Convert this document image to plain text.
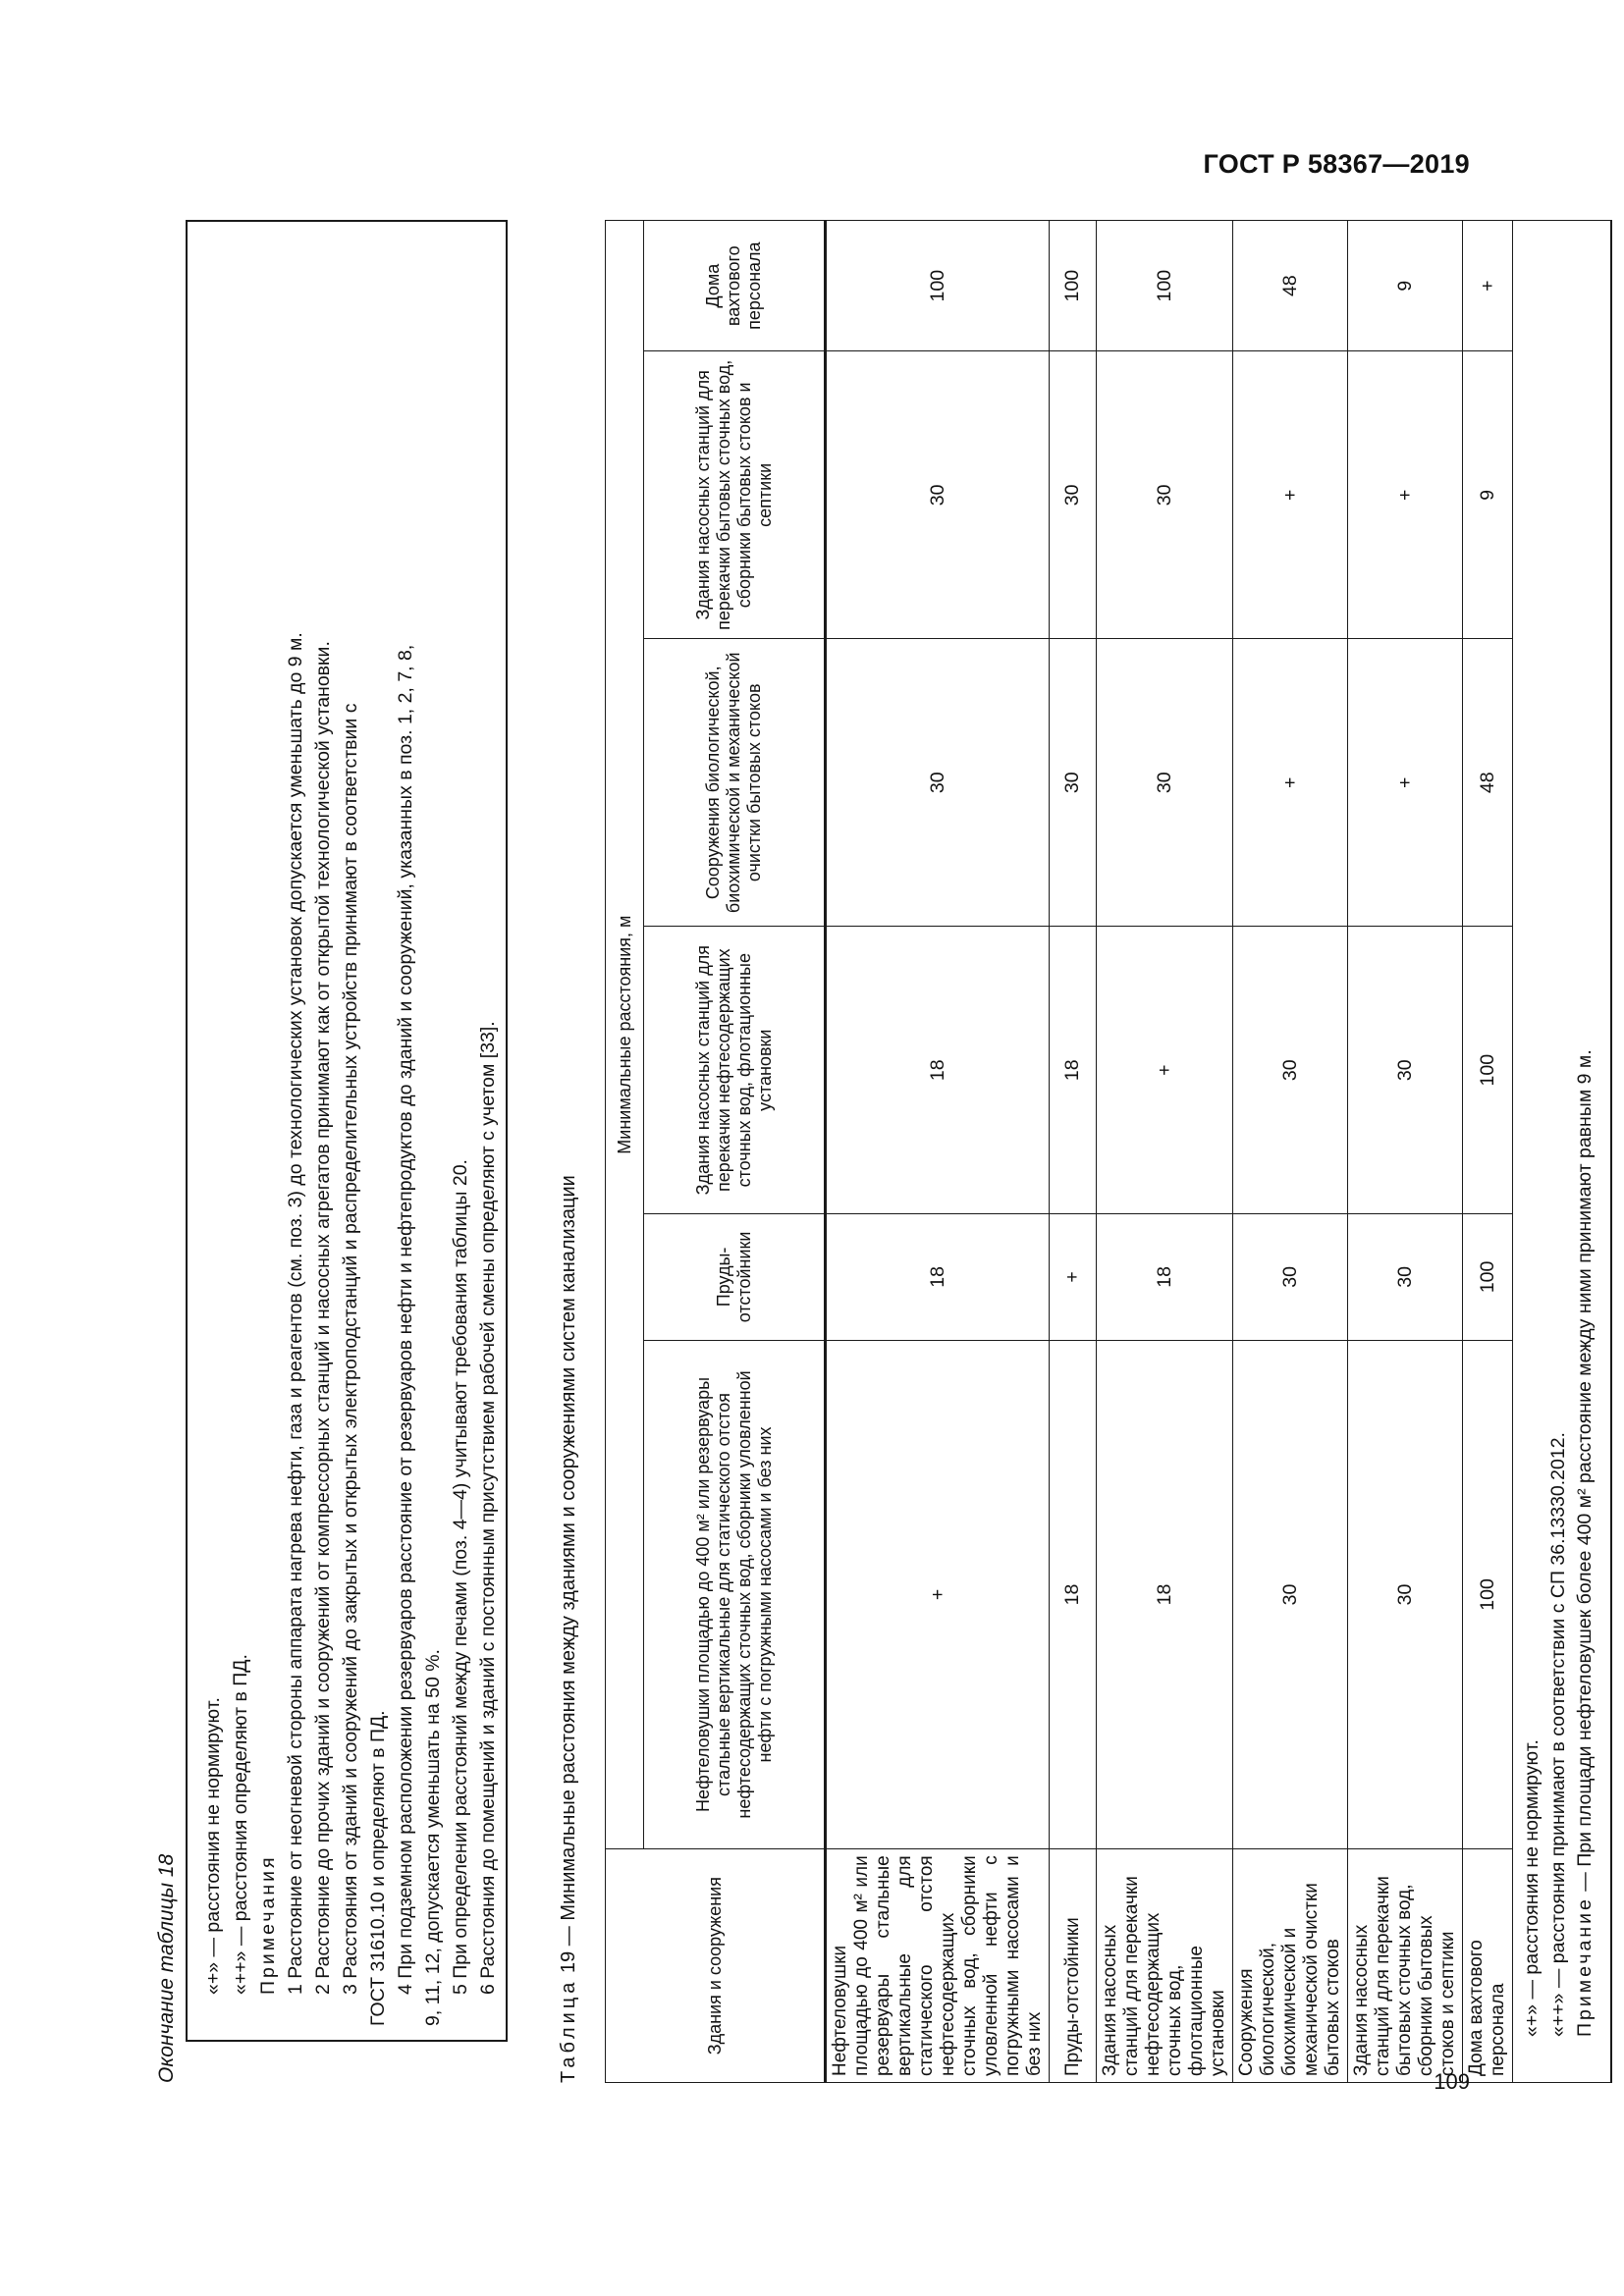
ГОСТ Р 58367—2019
109
Окончание таблицы 18 «+» — расстояния не нормируют. «++» — расстояния определяют в ПД. Примечания 1 Расстояние от неогневой стороны аппарата нагрева нефти, газа и реагентов (см. поз. 3) до технологических установок допускается уменьшать до 9 м. 2 Расстояние до прочих зданий и сооружений от компрессорных станций и насосных агрегатов принимают как от открытой технологической установки. 3 Расстояния от зданий и сооружений до закрытых и открытых электроподстанций и распределительных устройств принимают в соответствии с ГОСТ 31610.10 и определяют в ПД. 4 При подземном расположении резервуаров расстояние от резервуаров нефти и нефтепродуктов до зданий и сооружений, указанных в поз. 1, 2, 7, 8, 9, 11, 12, допускается уменьшать на 50 %. 5 При определении расстояний между печами (поз. 4—4) учитывают требования таблицы 20. 6 Расстояния до помещений и зданий с постоянным присутствием рабочей смены определяют с учетом [33].

Таблица 19 — Минимальные расстояния между зданиями и сооружениями систем канализации	Здания и сооружения	Минимальные расстояния, м					
	Нефтеловушки площадью до 400 м² или резервуары стальные вертикальные для статического отстоя нефтесодержащих сточных вод, сборники уловленной нефти с погружными насосами и без них	Пруды-отстойники	Здания насосных станций для перекачки нефтесодержащих сточных вод, флотационные установки	Сооружения биологической, биохимической и механической очистки бытовых стоков	Здания насосных станций для перекачки бытовых сточных вод, сборники бытовых стоков и септики	Дома вахтового персонала
Нефтеловушки площадью до 400 м² или резервуары стальные вертикальные для статического отстоя нефтесодержащих сточных вод, сборники уловленной нефти с погружными насосами и без них	+	18	18	30	30	100
Пруды-отстойники	18	+	18	30	30	100
Здания насосных станций для перекачки нефтесодержащих сточных вод, флотационные установки	18	18	+	30	30	100
Сооружения биологической, биохимической и механической очистки бытовых стоков	30	30	30	+	+	48
Здания насосных станций для перекачки бытовых сточных вод, сборники бытовых стоков и септики	30	30	30	+	+	9
Дома вахтового персонала	100	100	100	48	9	+

«+» — расстояния не нормируют. «++» — расстояния принимают в соответствии с СП 36.13330.2012. Примечание — При площади нефтеловушек более 400 м² расстояние между ними принимают равным 9 м.						
